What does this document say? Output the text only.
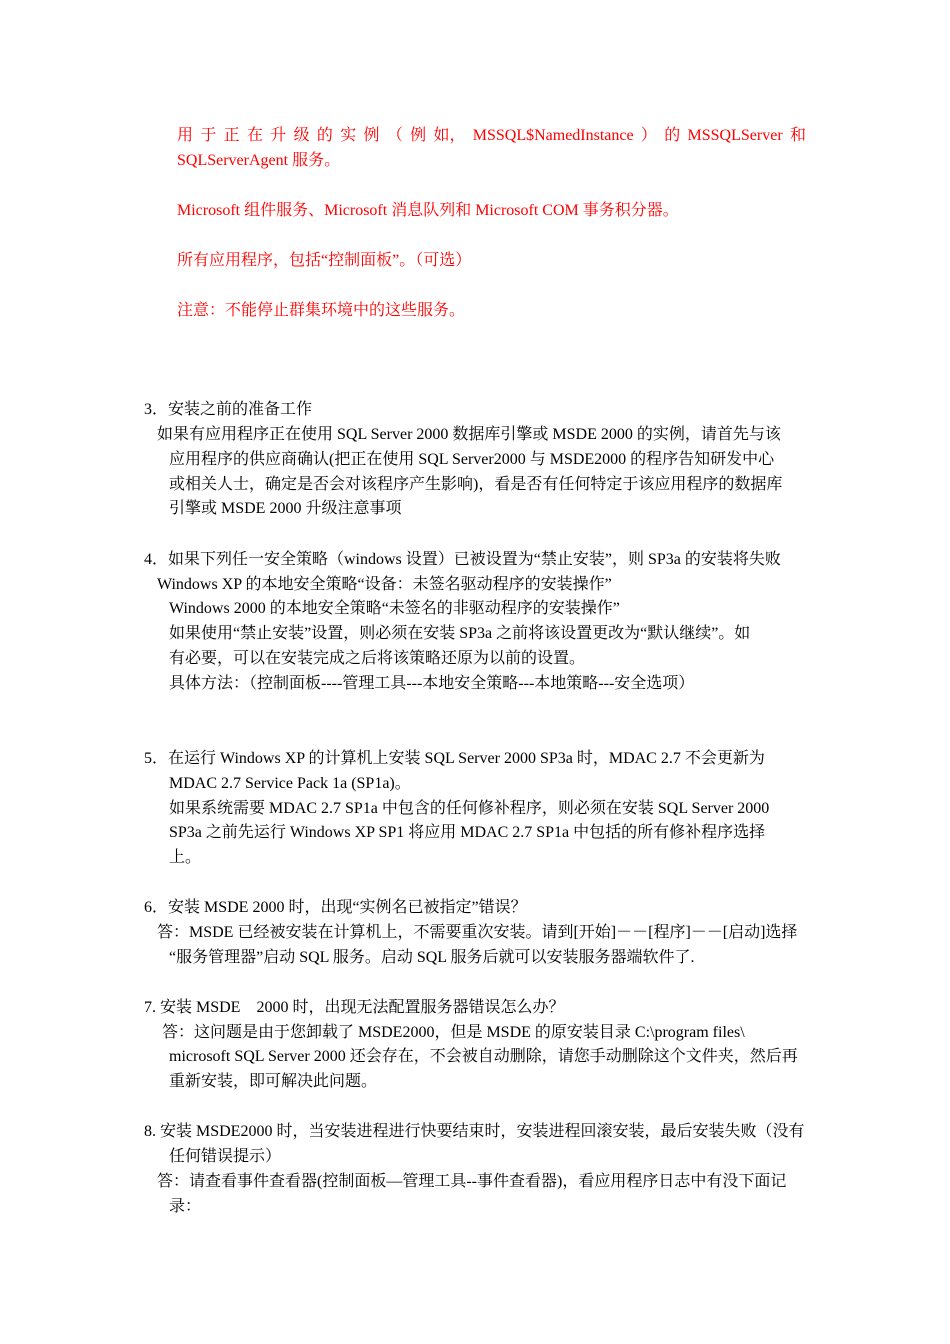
用 于 正 在 升 级 的 实 例 （ 例 如， MSSQL$NamedInstance ） 的 MSSQLServer 和
SQLServerAgent 服务。
Microsoft 组件服务、Microsoft 消息队列和 Microsoft COM 事务积分器。
所有应用程序，包括“控制面板”。（可选）
注意：不能停止群集环境中的这些服务。
3．安装之前的准备工作
如果有应用程序正在使用 SQL Server 2000 数据库引擎或 MSDE 2000 的实例，请首先与该
应用程序的供应商确认(把正在使用 SQL Server2000 与 MSDE2000 的程序告知研发中心
或相关人士，确定是否会对该程序产生影响)，看是否有任何特定于该应用程序的数据库
引擎或 MSDE 2000 升级注意事项
4．如果下列任一安全策略（windows 设置）已被设置为“禁止安装”，则 SP3a 的安装将失败
Windows XP 的本地安全策略“设备：未签名驱动程序的安装操作”
Windows 2000 的本地安全策略“未签名的非驱动程序的安装操作”
如果使用“禁止安装”设置，则必须在安装 SP3a 之前将该设置更改为“默认继续”。如
有必要，可以在安装完成之后将该策略还原为以前的设置。
具体方法：（控制面板----管理工具---本地安全策略---本地策略---安全选项）
5．在运行 Windows XP 的计算机上安装 SQL Server 2000 SP3a 时，MDAC 2.7 不会更新为
MDAC 2.7 Service Pack 1a (SP1a)。
如果系统需要 MDAC 2.7 SP1a 中包含的任何修补程序，则必须在安装 SQL Server 2000
SP3a 之前先运行 Windows XP SP1 将应用 MDAC 2.7 SP1a 中包括的所有修补程序选择
上。
6．安装 MSDE 2000 时，出现“实例名已被指定”错误？
答：MSDE 已经被安装在计算机上，不需要重次安装。请到[开始]－－[程序]－－[启动]选择
“服务管理器”启动 SQL 服务。启动 SQL 服务后就可以安装服务器端软件了.
7. 安装 MSDE　2000 时，出现无法配置服务器错误怎么办？
答：这问题是由于您卸载了 MSDE2000，但是 MSDE 的原安装目录 C:\program files\
microsoft SQL Server 2000 还会存在，不会被自动删除，请您手动删除这个文件夹，然后再
重新安装，即可解决此问题。
8. 安装 MSDE2000 时，当安装进程进行快要结束时，安装进程回滚安装，最后安装失败（没有
任何错误提示）
答：请查看事件查看器(控制面板—管理工具--事件查看器)，看应用程序日志中有没下面记
录：
